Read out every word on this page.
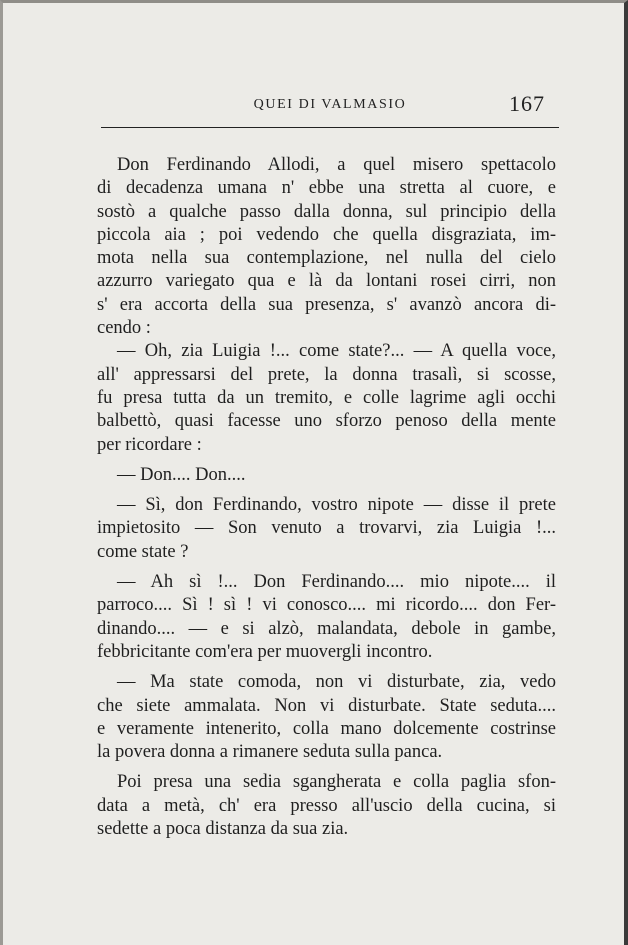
QUEI DI VALMASIO	167
Don Ferdinando Allodi, a quel misero spettacolo
di decadenza umana n' ebbe una stretta al cuore, e
sostò a qualche passo dalla donna, sul principio della
piccola aia ; poi vedendo che quella disgraziata, im-
mota nella sua contemplazione, nel nulla del cielo
azzurro variegato qua e là da lontani rosei cirri, non
s' era accorta della sua presenza, s' avanzò ancora di-
cendo :
— Oh, zia Luigia !... come state?... — A quella voce,
all' appressarsi del prete, la donna trasalì, si scosse,
fu presa tutta da un tremito, e colle lagrime agli occhi
balbettò, quasi facesse uno sforzo penoso della mente
per ricordare :
— Don.... Don....
— Sì, don Ferdinando, vostro nipote — disse il prete
impietosito — Son venuto a trovarvi, zia Luigia !...
come state ?
— Ah sì !... Don Ferdinando.... mio nipote.... il
parroco.... Sì ! sì ! vi conosco.... mi ricordo.... don Fer-
dinando.... — e si alzò, malandata, debole in gambe,
febbricitante com'era per muovergli incontro.
— Ma state comoda, non vi disturbate, zia, vedo
che siete ammalata. Non vi disturbate. State seduta....
e veramente intenerito, colla mano dolcemente costrinse
la povera donna a rimanere seduta sulla panca.
Poi presa una sedia sgangherata e colla paglia sfon-
data a metà, ch' era presso all'uscio della cucina, si
sedette a poca distanza da sua zia.
